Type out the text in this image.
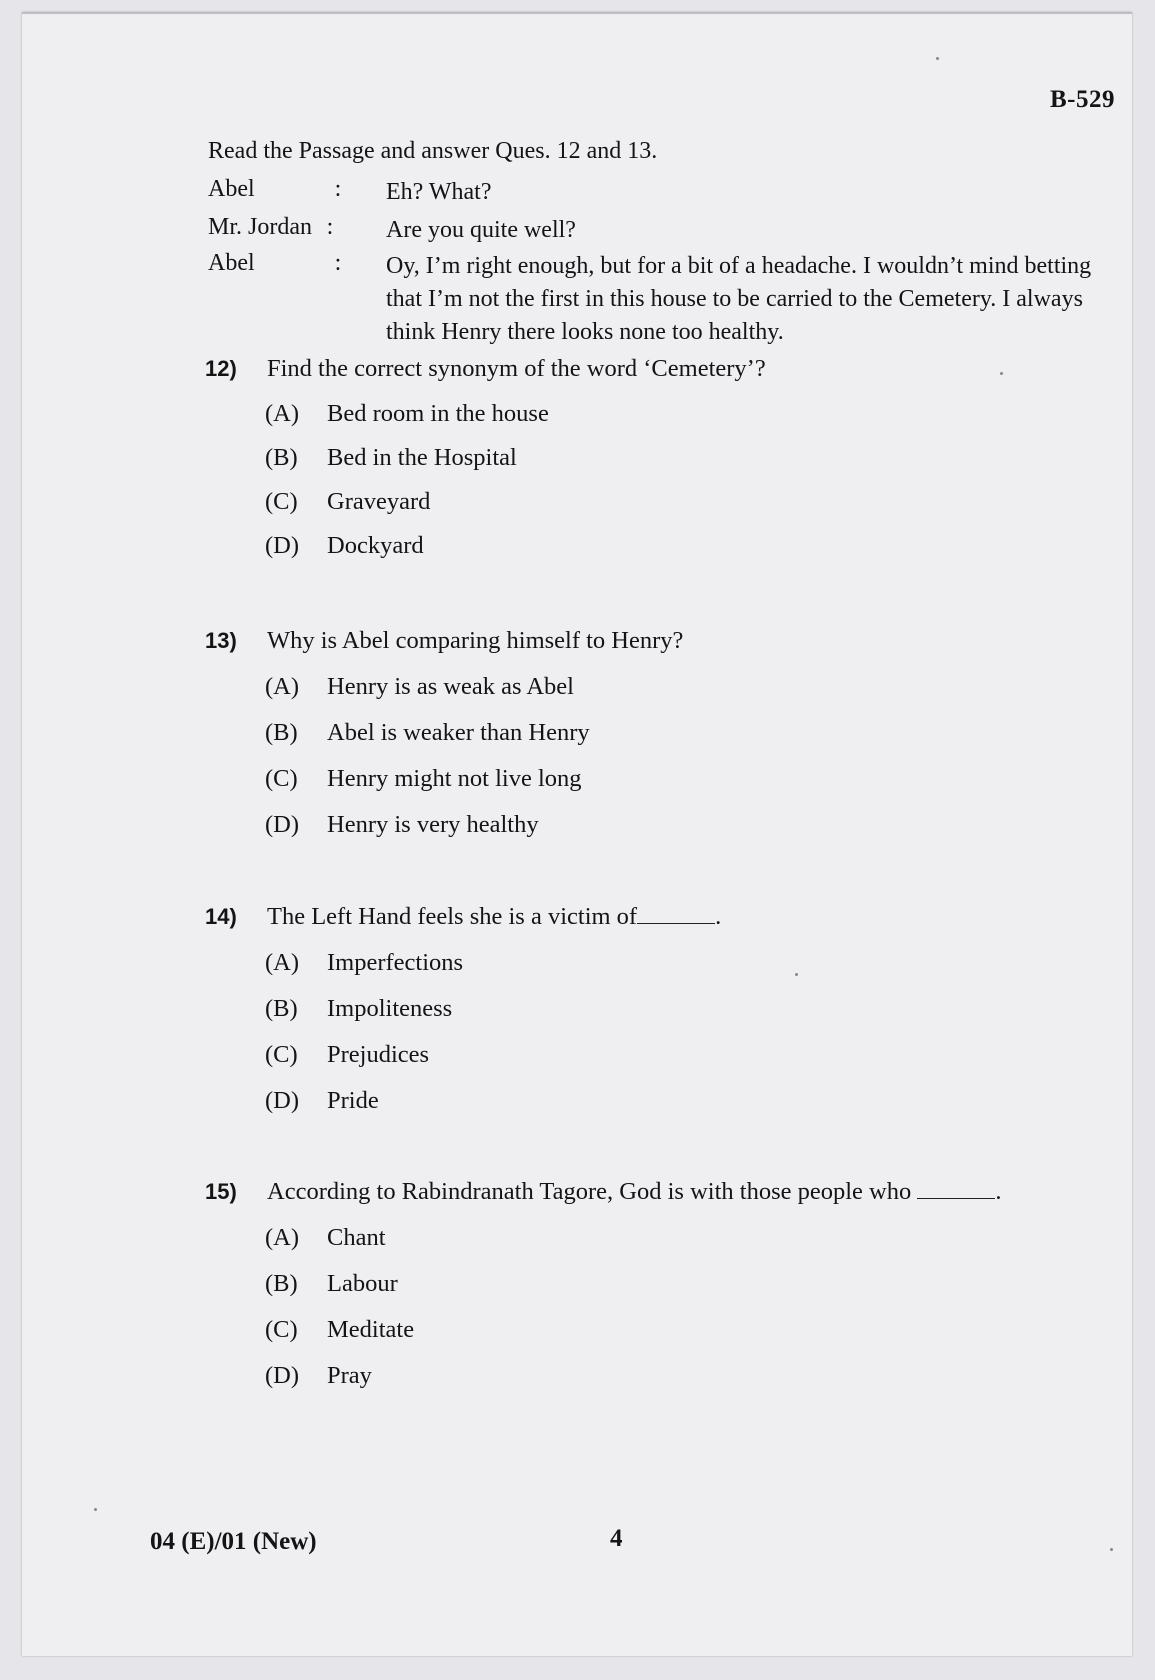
B-529
Read the Passage and answer Ques. 12 and 13.
Abel	: Eh? What?
Mr. Jordan : Are you quite well?
Abel	: Oy, I’m right enough, but for a bit of a headache. I wouldn’t mind betting that I’m not the first in this house to be carried to the Cemetery. I always think Henry there looks none too healthy.
12) Find the correct synonym of the word ‘Cemetery’?
(A) Bed room in the house
(B) Bed in the Hospital
(C) Graveyard
(D) Dockyard
13) Why is Abel comparing himself to Henry?
(A) Henry is as weak as Abel
(B) Abel is weaker than Henry
(C) Henry might not live long
(D) Henry is very healthy
14) The Left Hand feels she is a victim of	.
(A) Imperfections
(B) Impoliteness
(C) Prejudices
(D) Pride
15) According to Rabindranath Tagore, God is with those people who	.
(A) Chant
(B) Labour
(C) Meditate
(D) Pray
04 (E)/01 (New)	4
